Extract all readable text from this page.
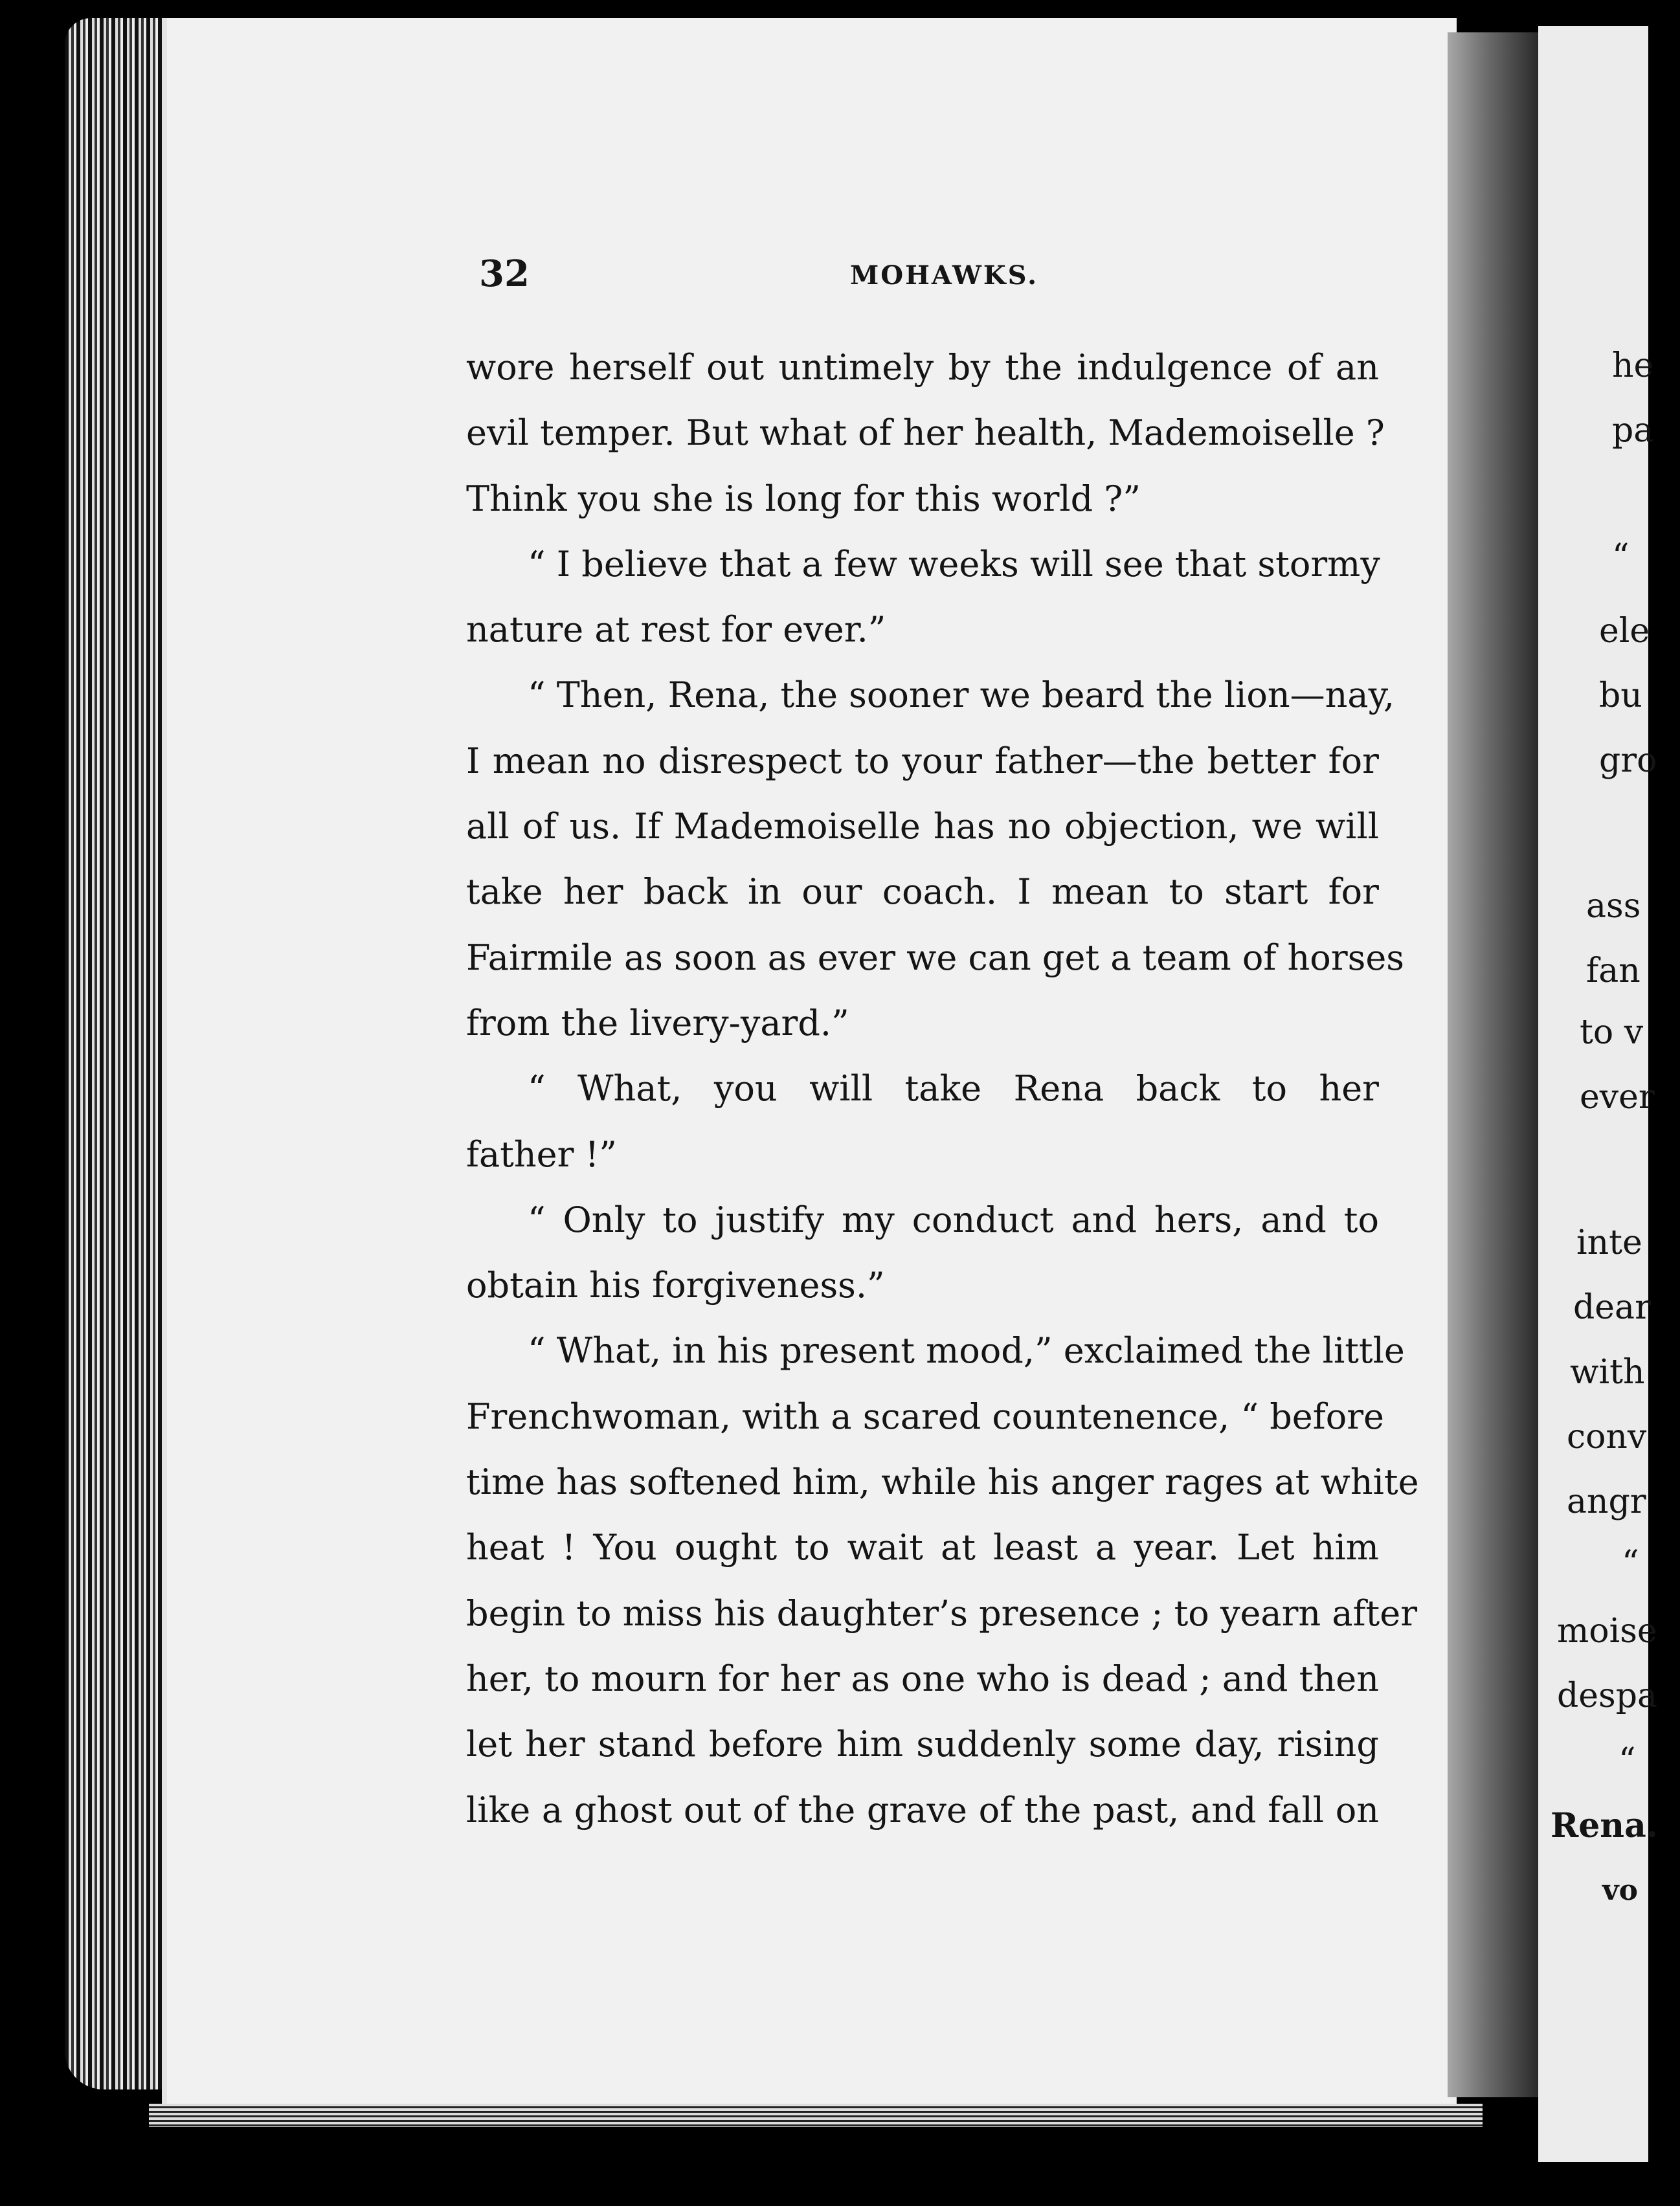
32	MOHAWKS.
wore herself out untimely by the indulgence of an
evil temper. But what of her health, Mademoiselle ?
Think you she is long for this world ?”
“ I believe that a few weeks will see that stormy
nature at rest for ever.”
“ Then, Rena, the sooner we beard the lion—nay,
I mean no disrespect to your father—the better for
all of us. If Mademoiselle has no objection, we will
take her back in our coach. I mean to start for
Fairmile as soon as ever we can get a team of horses
from the livery-yard.”
“ What, you will take Rena back to her
father !”
“ Only to justify my conduct and hers, and to
obtain his forgiveness.”
“ What, in his present mood,” exclaimed the little
Frenchwoman, with a scared countenence, “ before
time has softened him, while his anger rages at white
heat ! You ought to wait at least a year. Let him
begin to miss his daughter’s presence ; to yearn after
her, to mourn for her as one who is dead ; and then
let her stand before him suddenly some day, rising
like a ghost out of the grave of the past, and fall on
he
pa
“
ele
bu
gro
ass
fan
to v
ever
inte
dear
with
conv
angr
“
moise
despa
“
Rena.
vo
